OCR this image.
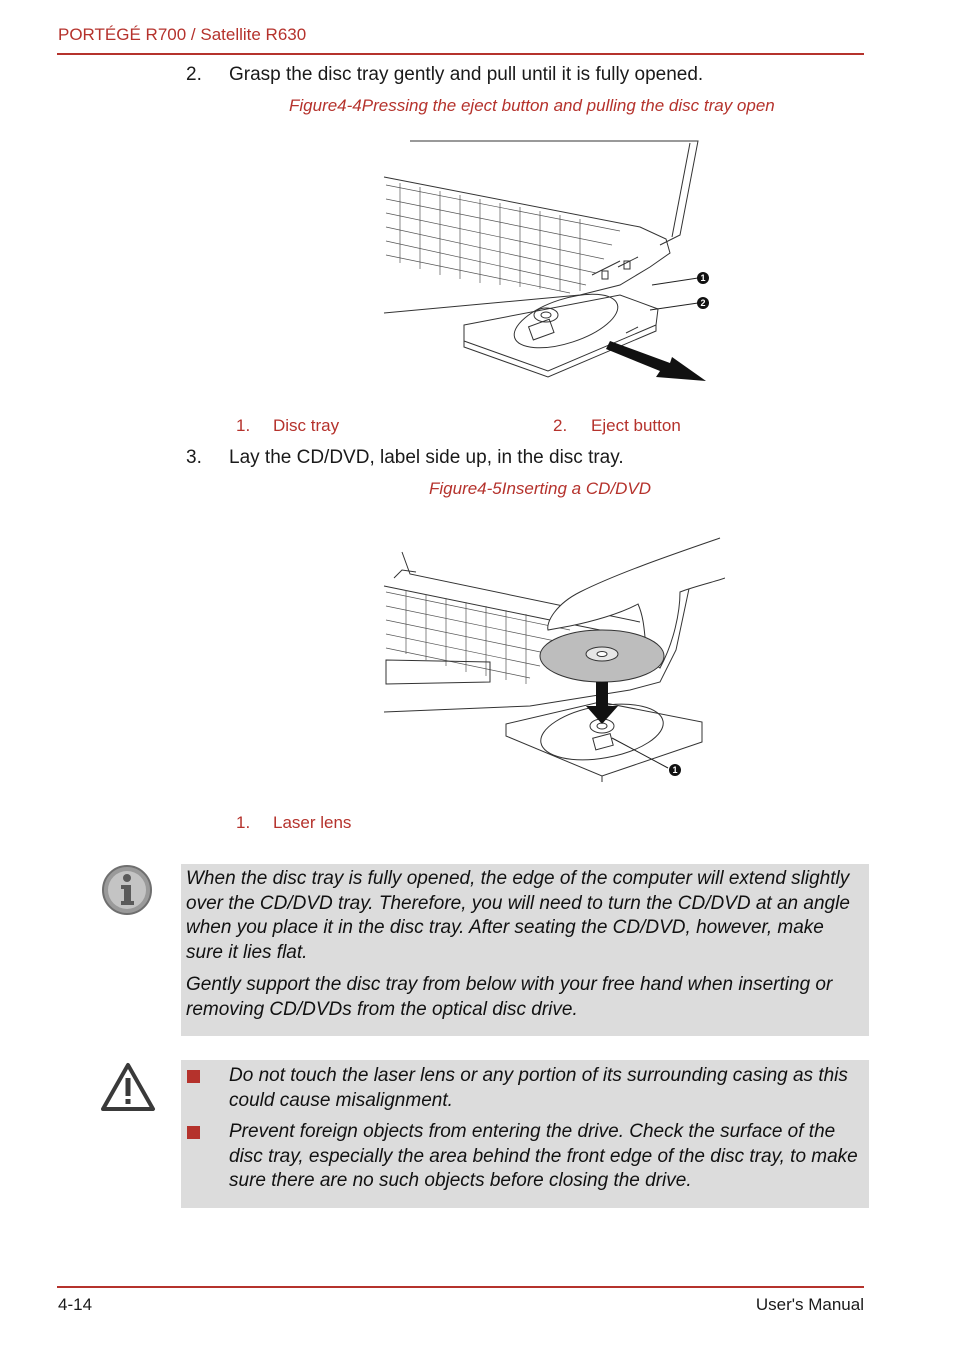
PORTÉGÉ R700 / Satellite R630
2. Grasp the disc tray gently and pull until it is fully opened.
Figure4-4Pressing the eject button and pulling the disc tray open
1
2
1. Disc tray	2. Eject button
3. Lay the CD/DVD, label side up, in the disc tray.
Figure4-5Inserting a CD/DVD
1
1. Laser lens
When the disc tray is fully opened, the edge of the computer will extend slightly over the CD/DVD tray. Therefore, you will need to turn the CD/DVD at an angle when you place it in the disc tray. After seating the CD/DVD, however, make sure it lies flat.
Gently support the disc tray from below with your free hand when inserting or removing CD/DVDs from the optical disc drive.
Do not touch the laser lens or any portion of its surrounding casing as this could cause misalignment.
Prevent foreign objects from entering the drive. Check the surface of the disc tray, especially the area behind the front edge of the disc tray, to make sure there are no such objects before closing the drive.
4-14	User's Manual
